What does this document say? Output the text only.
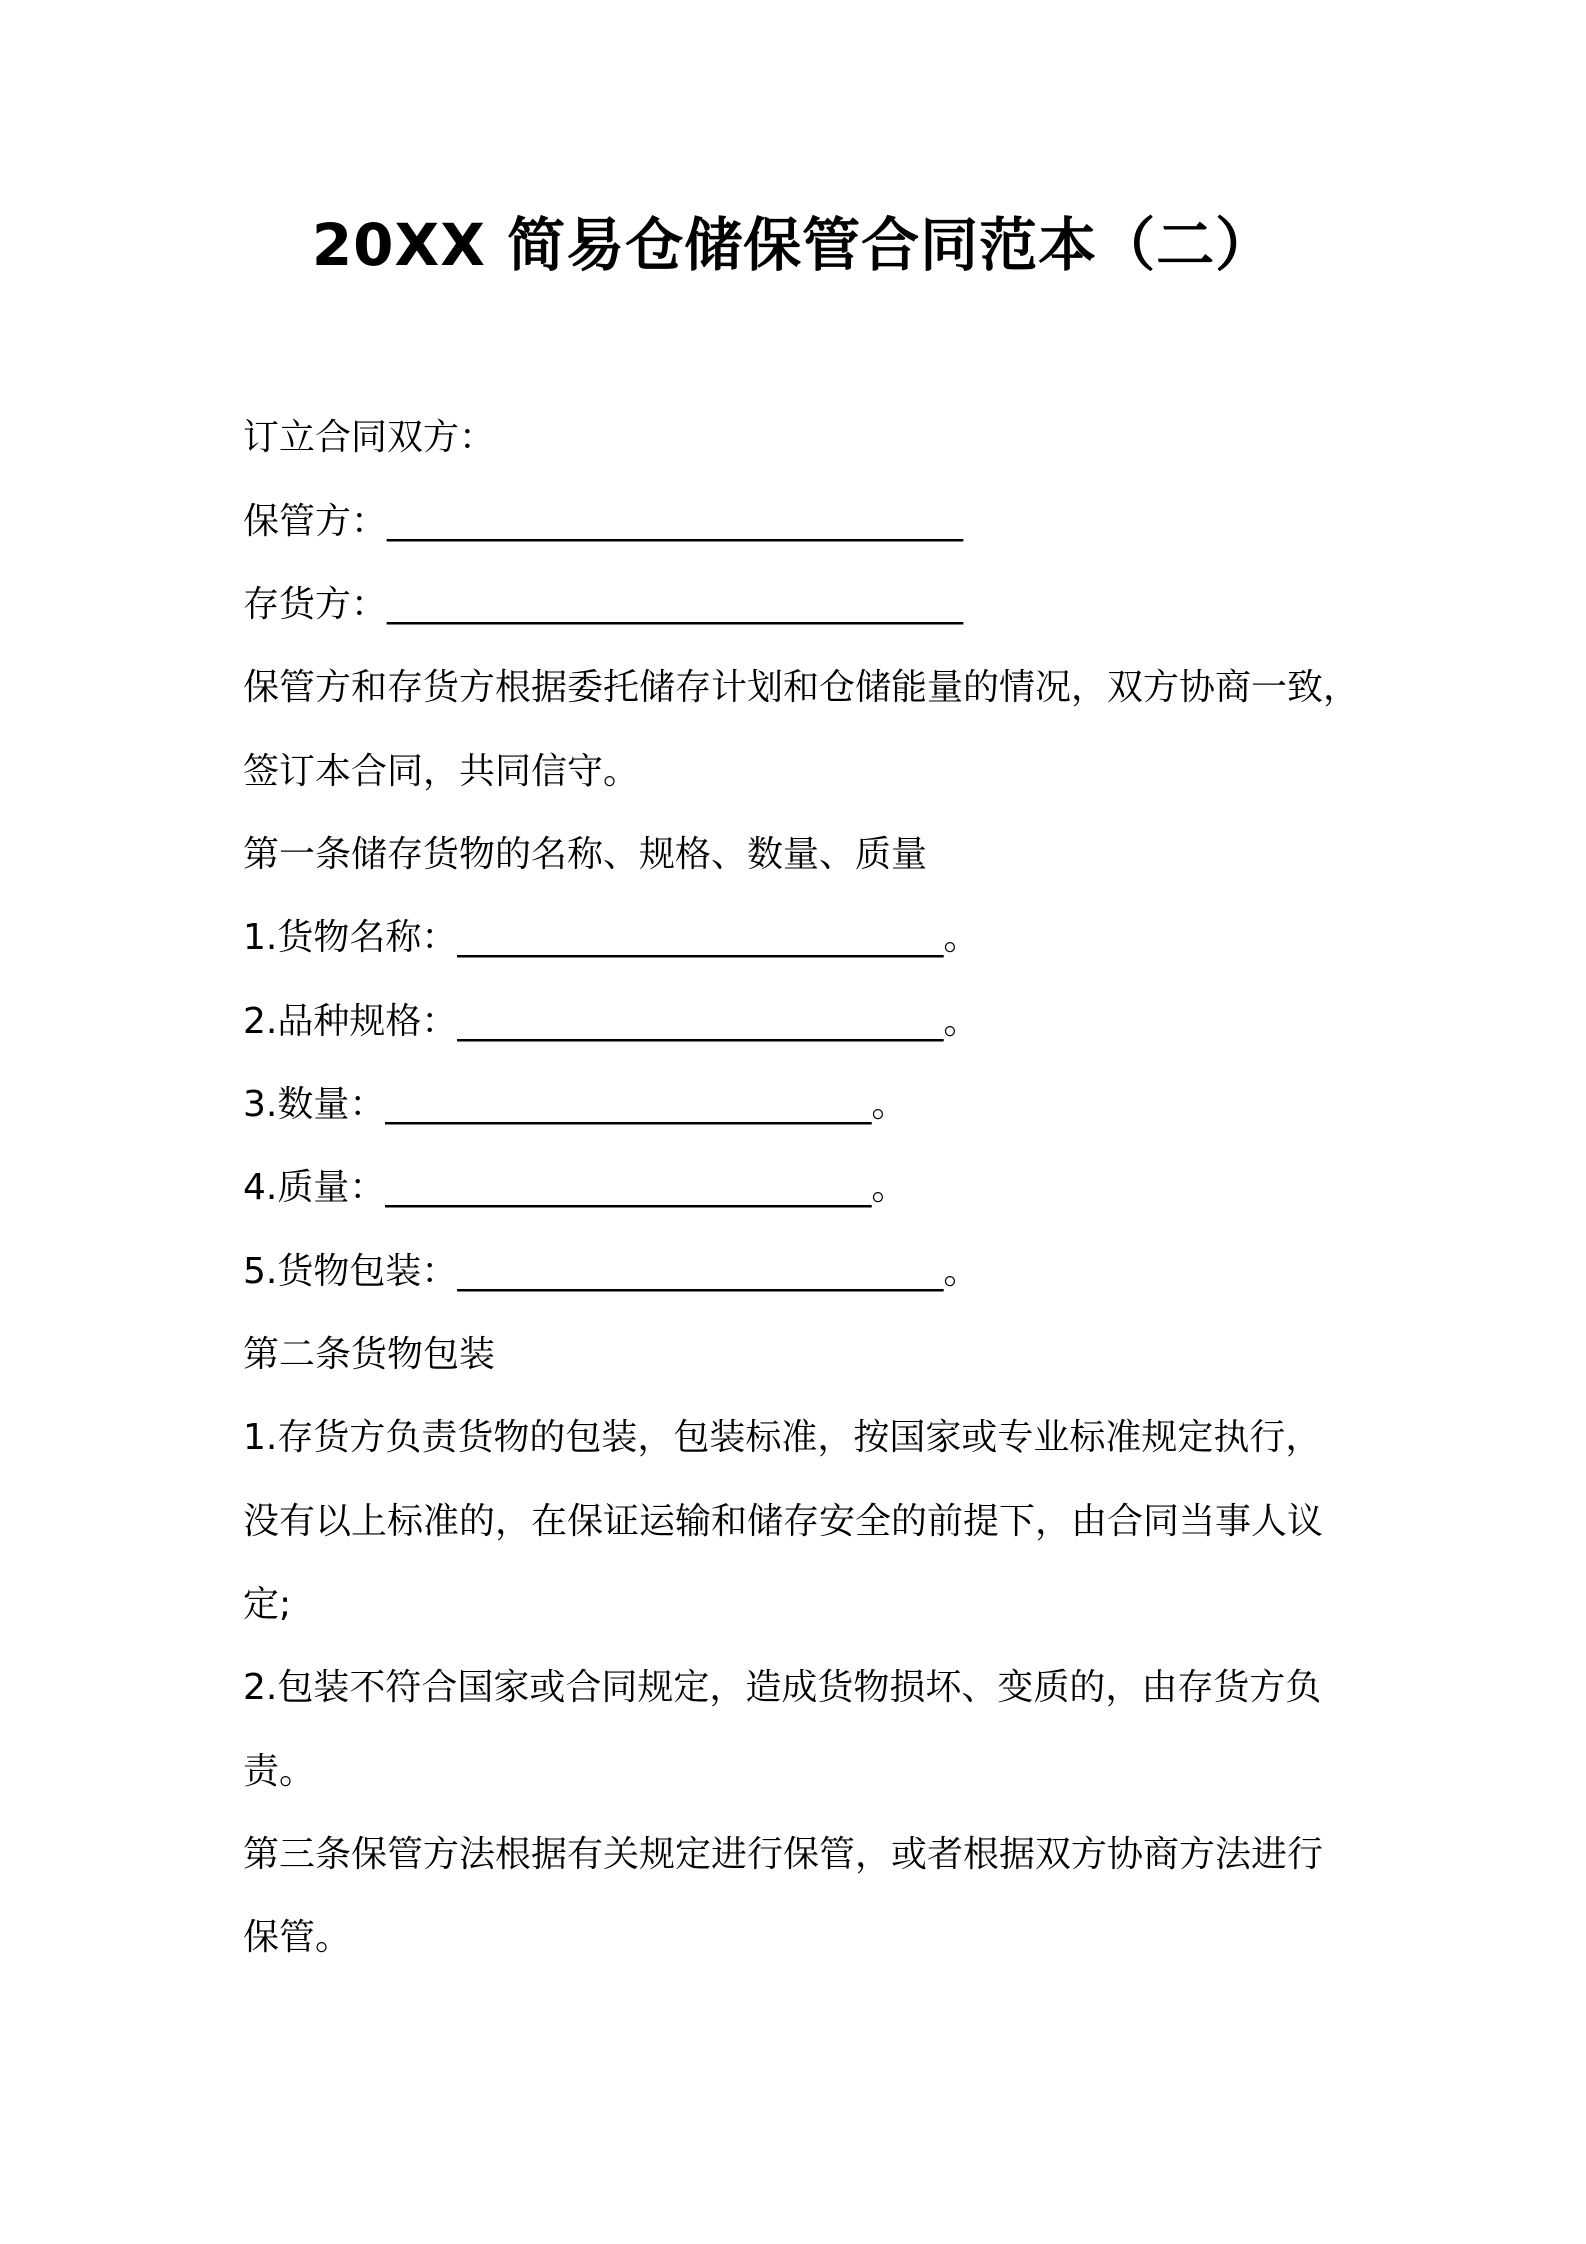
20XX 简易仓储保管合同范本（二）
订立合同双方：
保管方：________________________________
存货方：________________________________
保管方和存货方根据委托储存计划和仓储能量的情况，双方协商一致，
签订本合同，共同信守。
第一条储存货物的名称、规格、数量、质量
1.货物名称：___________________________。
2.品种规格：___________________________。
3.数量：___________________________。
4.质量：___________________________。
5.货物包装：___________________________。
第二条货物包装
1.存货方负责货物的包装，包装标准，按国家或专业标准规定执行，
没有以上标准的，在保证运输和储存安全的前提下，由合同当事人议
定;
2.包装不符合国家或合同规定，造成货物损坏、变质的，由存货方负
责。
第三条保管方法根据有关规定进行保管，或者根据双方协商方法进行
保管。
